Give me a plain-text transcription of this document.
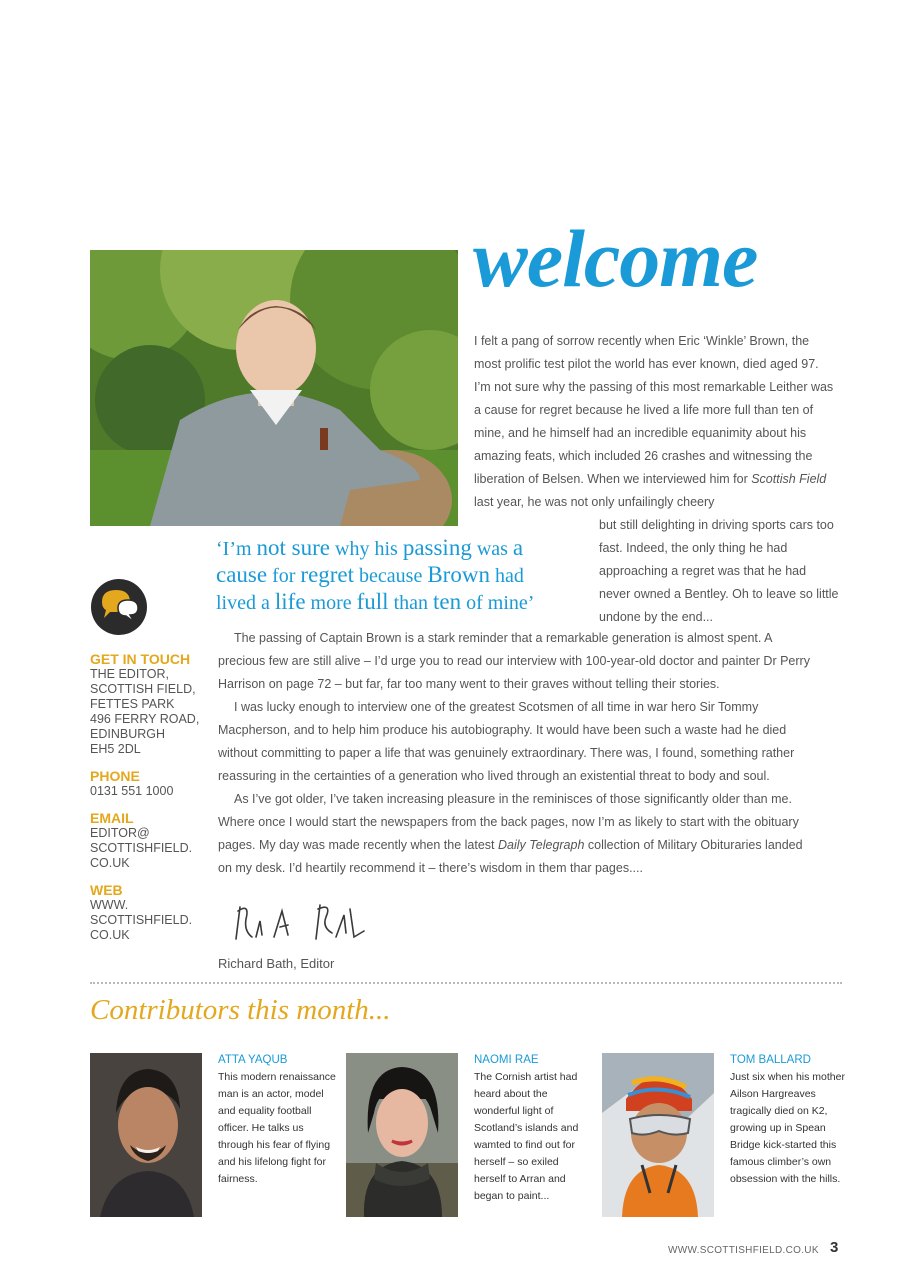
welcome
I felt a pang of sorrow recently when Eric ‘Winkle’ Brown, the most prolific test pilot the world has ever known, died aged 97. I’m not sure why the passing of this most remarkable Leither was a cause for regret because he lived a life more full than ten of mine, and he himself had an incredible equanimity about his amazing feats, which included 26 crashes and witnessing the liberation of Belsen. When we interviewed him for Scottish Field last year, he was not only unfailingly cheery
but still delighting in driving sports cars too fast. Indeed, the only thing he had approaching a regret was that he had never owned a Bentley. Oh to leave so little undone by the end...
‘I’m not sure why his passing was a
cause for regret because Brown had
lived a life more full than ten of mine’
GET IN TOUCH
THE EDITOR,
SCOTTISH FIELD,
FETTES PARK
496 FERRY ROAD,
EDINBURGH
EH5 2DL
PHONE
0131 551 1000
EMAIL
EDITOR@
SCOTTISHFIELD.
CO.UK
WEB
WWW.
SCOTTISHFIELD.
CO.UK

The passing of Captain Brown is a stark reminder that a remarkable generation is almost spent. A precious few are still alive – I’d urge you to read our interview with 100-year-old doctor and painter Dr Perry Harrison on page 72 – but far, far too many went to their graves without telling their stories.

I was lucky enough to interview one of the greatest Scotsmen of all time in war hero Sir Tommy Macpherson, and to help him produce his autobiography. It would have been such a waste had he died without committing to paper a life that was genuinely extraordinary. There was, I found, something rather reassuring in the certainties of a generation who lived through an existential threat to body and soul.

As I’ve got older, I’ve taken increasing pleasure in the reminisces of those significantly older than me. Where once I would start the newspapers from the back pages, now I’m as likely to start with the obituary pages. My day was made recently when the latest Daily Telegraph collection of Military Obituraries landed on my desk. I’d heartily recommend it – there’s wisdom in them thar pages....

Richard Bath, Editor
Contributors this month...
ATTA YAQUB
This modern renaissance man is an actor, model and equality football officer. He talks us through his fear of flying and his lifelong fight for fairness.
NAOMI RAE
The Cornish artist had heard about the wonderful light of Scotland’s islands and wamted to find out for herself – so exiled herself to Arran and began to paint...
TOM BALLARD
Just six when his mother Ailson Hargreaves tragically died on K2, growing up in Spean Bridge kick-started this famous climber’s own obsession with the hills.
WWW.SCOTTISHFIELD.CO.UK 3
